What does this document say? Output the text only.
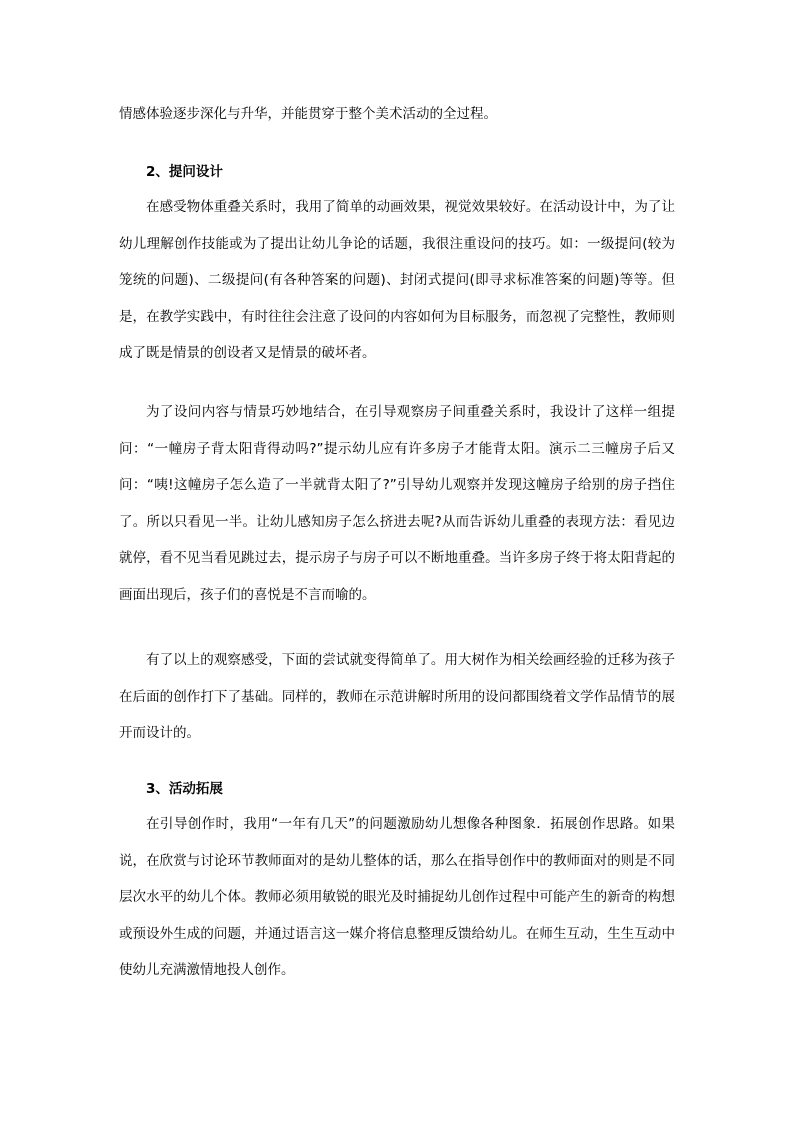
情感体验逐步深化与升华，并能贯穿于整个美术活动的全过程。
2、提问设计
在感受物体重叠关系时，我用了简单的动画效果，视觉效果较好。在活动设计中，为了让幼儿理解创作技能或为了提出让幼儿争论的话题，我很注重设问的技巧。如：一级提问(较为笼统的问题)、二级提问(有各种答案的问题)、封闭式提问(即寻求标准答案的问题)等等。但是，在教学实践中，有时往往会注意了设问的内容如何为目标服务，而忽视了完整性，教师则成了既是情景的创设者又是情景的破坏者。
为了设问内容与情景巧妙地结合，在引导观察房子间重叠关系时，我设计了这样一组提问：“一幢房子背太阳背得动吗?”提示幼儿应有许多房子才能背太阳。演示二三幢房子后又问：“咦!这幢房子怎么造了一半就背太阳了?”引导幼儿观察并发现这幢房子给别的房子挡住了。所以只看见一半。让幼儿感知房子怎么挤进去呢?从而告诉幼儿重叠的表现方法：看见边就停，看不见当看见跳过去，提示房子与房子可以不断地重叠。当许多房子终于将太阳背起的画面出现后，孩子们的喜悦是不言而喻的。
有了以上的观察感受，下面的尝试就变得简单了。用大树作为相关绘画经验的迁移为孩子在后面的创作打下了基础。同样的，教师在示范讲解时所用的设问都围绕着文学作品情节的展开而设计的。
3、活动拓展
在引导创作时，我用“一年有几天”的问题激励幼儿想像各种图象．拓展创作思路。如果说，在欣赏与讨论环节教师面对的是幼儿整体的话，那么在指导创作中的教师面对的则是不同层次水平的幼儿个体。教师必须用敏锐的眼光及时捕捉幼儿创作过程中可能产生的新奇的构想或预设外生成的问题，并通过语言这一媒介将信息整理反馈给幼儿。在师生互动，生生互动中使幼儿充满激情地投人创作。
